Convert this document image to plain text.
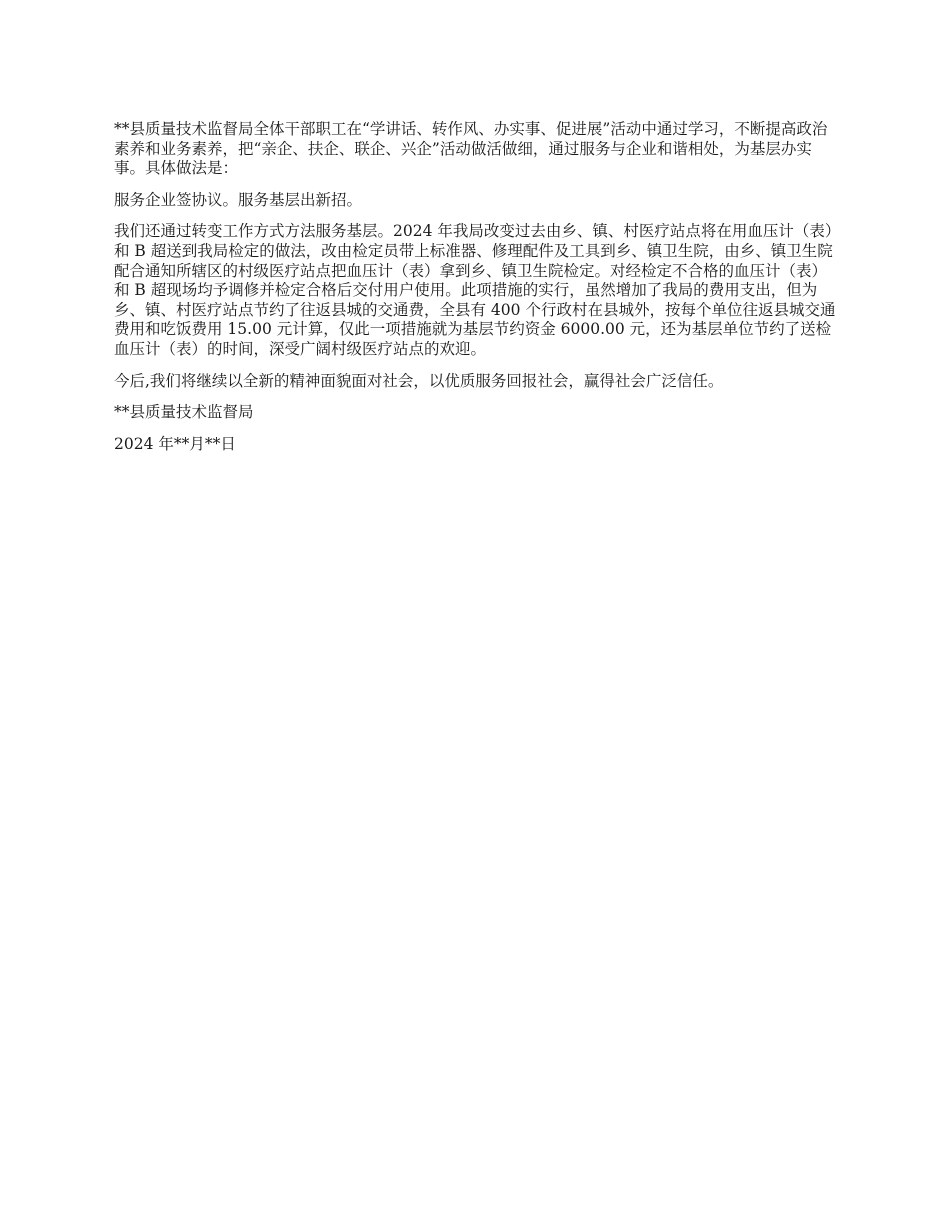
**县质量技术监督局全体干部职工在“学讲话、转作风、办实事、促进展”活动中通过学习，不断提高政治素养和业务素养，把“亲企、扶企、联企、兴企”活动做活做细，通过服务与企业和谐相处，为基层办实事。具体做法是：

服务企业签协议。服务基层出新招。

我们还通过转变工作方式方法服务基层。2024 年我局改变过去由乡、镇、村医疗站点将在用血压计（表）和 B 超送到我局检定的做法，改由检定员带上标准器、修理配件及工具到乡、镇卫生院，由乡、镇卫生院配合通知所辖区的村级医疗站点把血压计（表）拿到乡、镇卫生院检定。对经检定不合格的血压计（表）和 B 超现场均予调修并检定合格后交付用户使用。此项措施的实行，虽然增加了我局的费用支出，但为乡、镇、村医疗站点节约了往返县城的交通费，全县有 400 个行政村在县城外，按每个单位往返县城交通费用和吃饭费用 15.00 元计算，仅此一项措施就为基层节约资金 6000.00 元，还为基层单位节约了送检血压计（表）的时间，深受广阔村级医疗站点的欢迎。

今后,我们将继续以全新的精神面貌面对社会，以优质服务回报社会，赢得社会广泛信任。

**县质量技术监督局

2024 年**月**日
